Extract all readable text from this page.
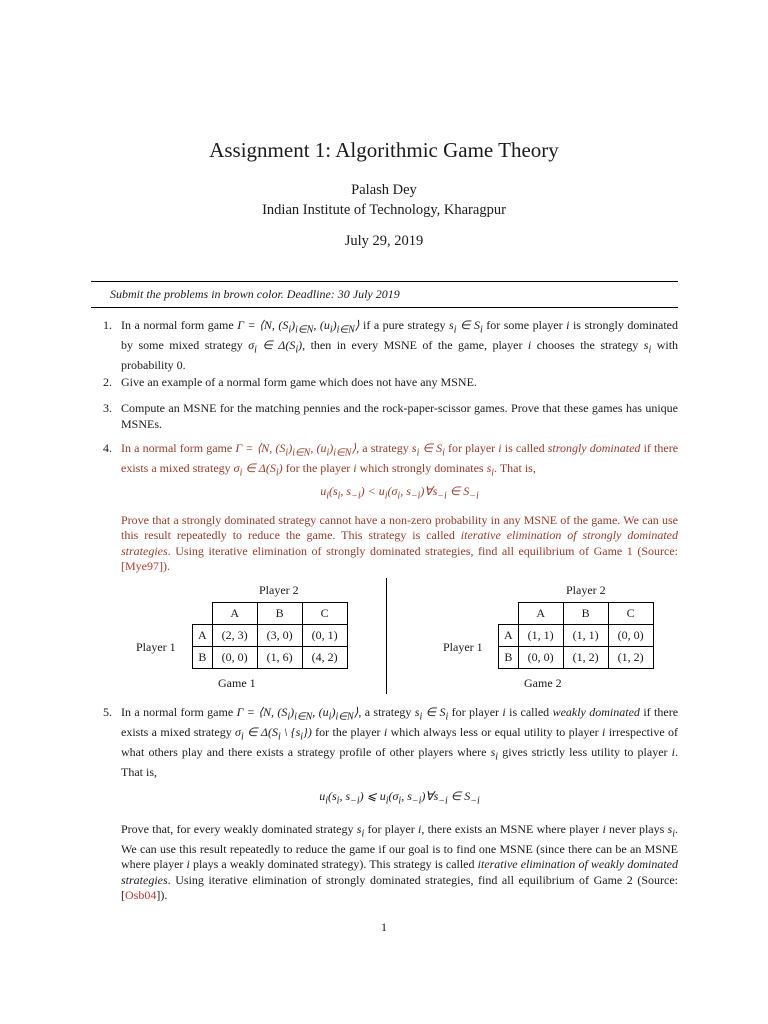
Assignment 1: Algorithmic Game Theory
Palash Dey
Indian Institute of Technology, Kharagpur
July 29, 2019
Submit the problems in brown color. Deadline: 30 July 2019
1. In a normal form game Γ = ⟨N, $(S_i)_{i\in N}$, $(u_i)_{i\in N}⟩$ if a pure strategy $s_i$ ∈ $S_i$ for some player i is strongly dominated by some mixed strategy $\sigma_i$ ∈ $\Delta(S_i)$, then in every MSNE of the game, player i chooses the strategy $s_i$ with probability 0.
2. Give an example of a normal form game which does not have any MSNE.
3. Compute an MSNE for the matching pennies and the rock-paper-scissor games. Prove that these games has unique MSNEs.
4. In a normal form game Γ = ⟨N, $(S_i)_{i\in N}$, $(u_i)_{i\in N}⟩$, a strategy $s_i$ ∈ $S_i$ for player i is called strongly dominated if there exists a mixed strategy $\sigma_i$ ∈ $\Delta(S_i)$ for the player i which strongly dominates $s_i$. That is,
$u_i(s_i$, $s_{-i}) < u_i(\sigma_i$, $s_{-i})\forall s_{-i}$ ∈ $S_{-i}$
Prove that a strongly dominated strategy cannot have a non-zero probability in any MSNE of the game. We can use this result repeatedly to reduce the game. This strategy is called iterative elimination of strongly dominated strategies. Using iterative elimination of strongly dominated strategies, find all equilibrium of Game 1 (Source: [Mye97]).
Player 2
Player 1
	A	B	C
A	(2, 3)	(3, 0)	(0, 1)
B	(0, 0)	(1, 6)	(4, 2)
Game 1
Player 2
Player 1
	A	B	C
A	(1, 1)	(1, 1)	(0, 0)
B	(0, 0)	(1, 2)	(1, 2)
Game 2
5. In a normal form game Γ = ⟨N, $(S_i)_{i\in N}$, $(u_i)_{i\in N}⟩$, a strategy $s_i$ ∈ $S_i$ for player i is called weakly dominated if there exists a mixed strategy $\sigma_i$ ∈ $\Delta(S_i$ \ $\{s_i\}$) for the player i which always less or equal utility to player i irrespective of what others play and there exists a strategy profile of other players where $s_i$ gives strictly less utility to player i. That is,
$u_i(s_i$, $s_{-i}$) ⩽ $u_i(\sigma_i$, $s_{-i})\forall s_{-i}$ ∈ $S_{-i}$
Prove that, for every weakly dominated strategy $s_i$ for player i, there exists an MSNE where player i never plays $s_i$. We can use this result repeatedly to reduce the game if our goal is to find one MSNE (since there can be an MSNE where player i plays a weakly dominated strategy). This strategy is called iterative elimination of weakly dominated strategies. Using iterative elimination of strongly dominated strategies, find all equilibrium of Game 2 (Source: [Osb04]).
1
